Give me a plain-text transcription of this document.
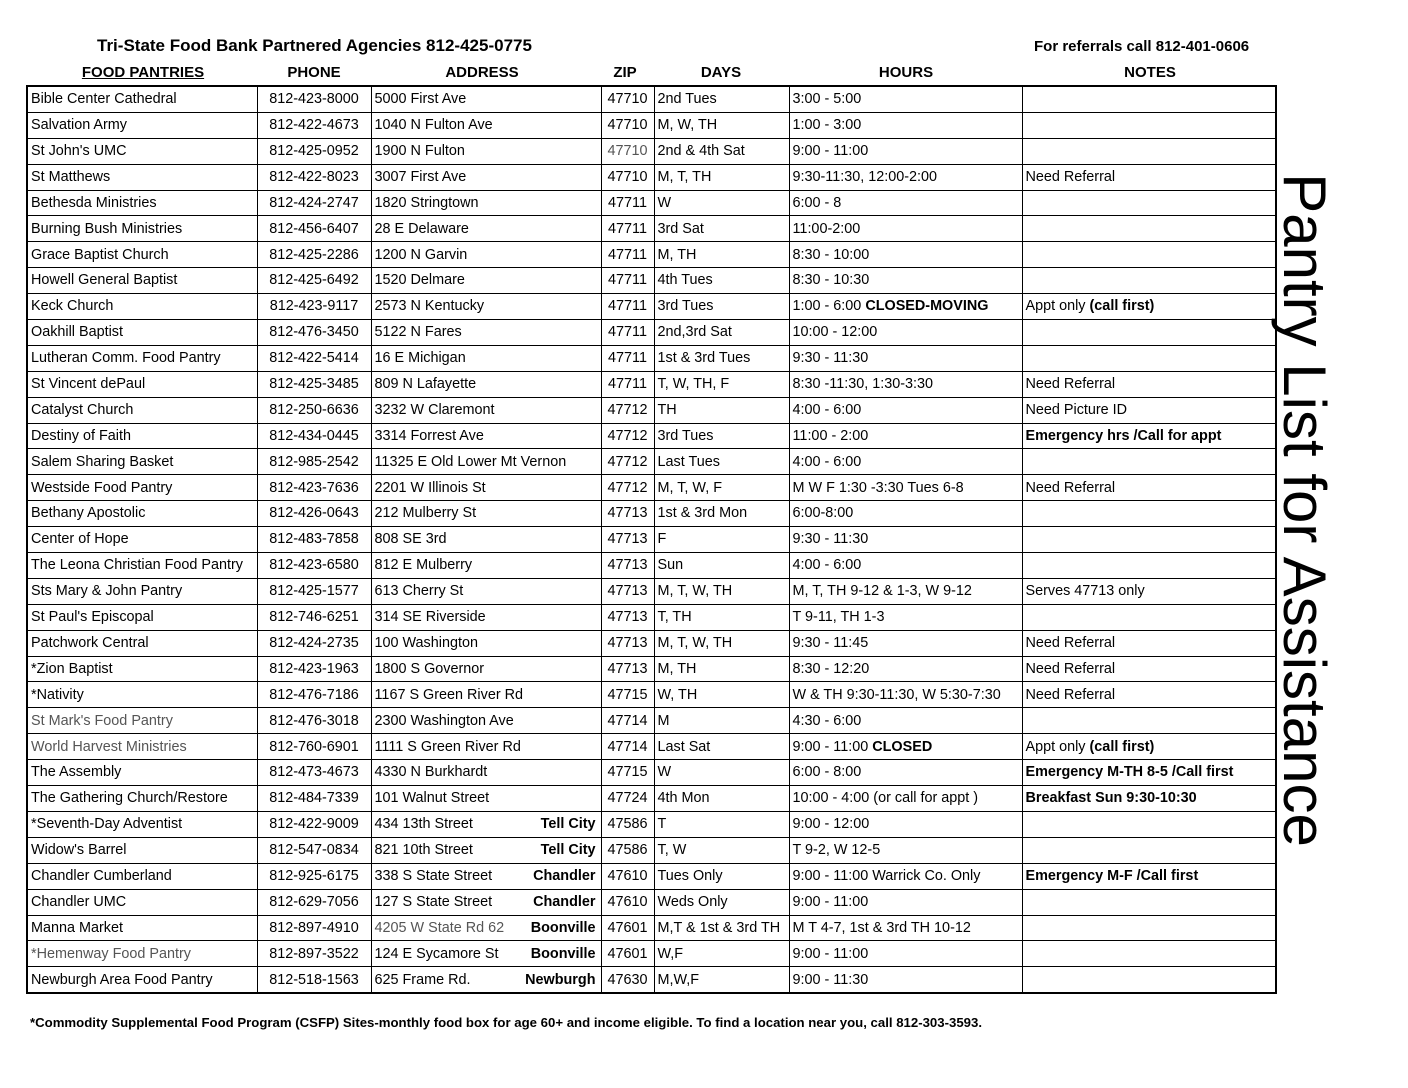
Tri-State Food Bank Partnered Agencies 812-425-0775	For referrals call 812-401-0606
FOOD PANTRIES	PHONE	ADDRESS	ZIP	DAYS	HOURS	NOTES
Bible Center Cathedral	812-423-8000	5000 First Ave	47710	2nd Tues	3:00 - 5:00	
Salvation Army	812-422-4673	1040 N Fulton Ave	47710	M, W, TH	1:00 - 3:00	
St John's UMC	812-425-0952	1900 N Fulton	47710	2nd & 4th Sat	9:00 - 11:00	
St Matthews	812-422-8023	3007 First Ave	47710	M, T, TH	9:30-11:30, 12:00-2:00	Need Referral
Bethesda Ministries	812-424-2747	1820 Stringtown	47711	W	6:00 - 8	
Burning Bush Ministries	812-456-6407	28 E Delaware	47711	3rd Sat	11:00-2:00	
Grace Baptist Church	812-425-2286	1200 N Garvin	47711	M, TH	8:30 - 10:00	
Howell General Baptist	812-425-6492	1520 Delmare	47711	4th Tues	8:30 - 10:30	
Keck Church	812-423-9117	2573 N Kentucky	47711	3rd Tues	1:00 - 6:00 CLOSED-MOVING	Appt only (call first)
Oakhill Baptist	812-476-3450	5122 N Fares	47711	2nd,3rd Sat	10:00 - 12:00	
Lutheran Comm. Food Pantry	812-422-5414	16 E Michigan	47711	1st & 3rd Tues	9:30 - 11:30	
St Vincent dePaul	812-425-3485	809 N Lafayette	47711	T, W, TH, F	8:30 -11:30, 1:30-3:30	Need Referral
Catalyst Church	812-250-6636	3232 W Claremont	47712	TH	4:00 - 6:00	Need Picture ID
Destiny of Faith	812-434-0445	3314 Forrest Ave	47712	3rd Tues	11:00 - 2:00	Emergency hrs /Call for appt
Salem Sharing Basket	812-985-2542	11325 E Old Lower Mt Vernon	47712	Last Tues	4:00 - 6:00	
Westside Food Pantry	812-423-7636	2201 W Illinois St	47712	M, T, W, F	M W F 1:30 -3:30 Tues 6-8	Need Referral
Bethany Apostolic	812-426-0643	212 Mulberry St	47713	1st & 3rd Mon	6:00-8:00	
Center of Hope	812-483-7858	808 SE 3rd	47713	F	9:30 - 11:30	
The Leona Christian Food Pantry	812-423-6580	812 E Mulberry	47713	Sun	4:00 - 6:00	
Sts Mary & John Pantry	812-425-1577	613 Cherry St	47713	M, T, W, TH	M, T, TH 9-12 & 1-3, W 9-12	Serves 47713 only
St Paul's Episcopal	812-746-6251	314 SE Riverside	47713	T, TH	T 9-11, TH 1-3	
Patchwork Central	812-424-2735	100 Washington	47713	M, T, W, TH	9:30 - 11:45	Need Referral
*Zion Baptist	812-423-1963	1800 S Governor	47713	M, TH	8:30 - 12:20	Need Referral
*Nativity	812-476-7186	1167 S Green River Rd	47715	W, TH	W & TH 9:30-11:30, W 5:30-7:30	Need Referral
St Mark's Food Pantry	812-476-3018	2300 Washington Ave	47714	M	4:30 - 6:00	
World Harvest Ministries	812-760-6901	1111 S Green River Rd	47714	Last Sat	9:00 - 11:00 CLOSED	Appt only (call first)
The Assembly	812-473-4673	4330 N Burkhardt	47715	W	6:00 - 8:00	Emergency M-TH 8-5 /Call first
The Gathering Church/Restore	812-484-7339	101 Walnut Street	47724	4th Mon	10:00 - 4:00 (or call for appt )	Breakfast Sun 9:30-10:30
*Seventh-Day Adventist	812-422-9009	434 13th Street Tell City	47586	T	9:00 - 12:00	
Widow's Barrel	812-547-0834	821 10th Street Tell City	47586	T, W	T 9-2, W 12-5	
Chandler Cumberland	812-925-6175	338 S State Street Chandler	47610	Tues Only	9:00 - 11:00 Warrick Co. Only	Emergency M-F /Call first
Chandler UMC	812-629-7056	127 S State Street Chandler	47610	Weds Only	9:00 - 11:00	
Manna Market	812-897-4910	4205 W State Rd 62 Boonville	47601	M,T & 1st & 3rd TH	M T 4-7, 1st & 3rd TH 10-12	
*Hemenway Food Pantry	812-897-3522	124 E Sycamore St Boonville	47601	W,F	9:00 - 11:00	
Newburgh Area Food Pantry	812-518-1563	625 Frame Rd. Newburgh	47630	M,W,F	9:00 - 11:30	
Pantry List for Assistance
*Commodity Supplemental Food Program (CSFP) Sites-monthly food box for age 60+ and income eligible. To find a location near you, call 812-303-3593.
